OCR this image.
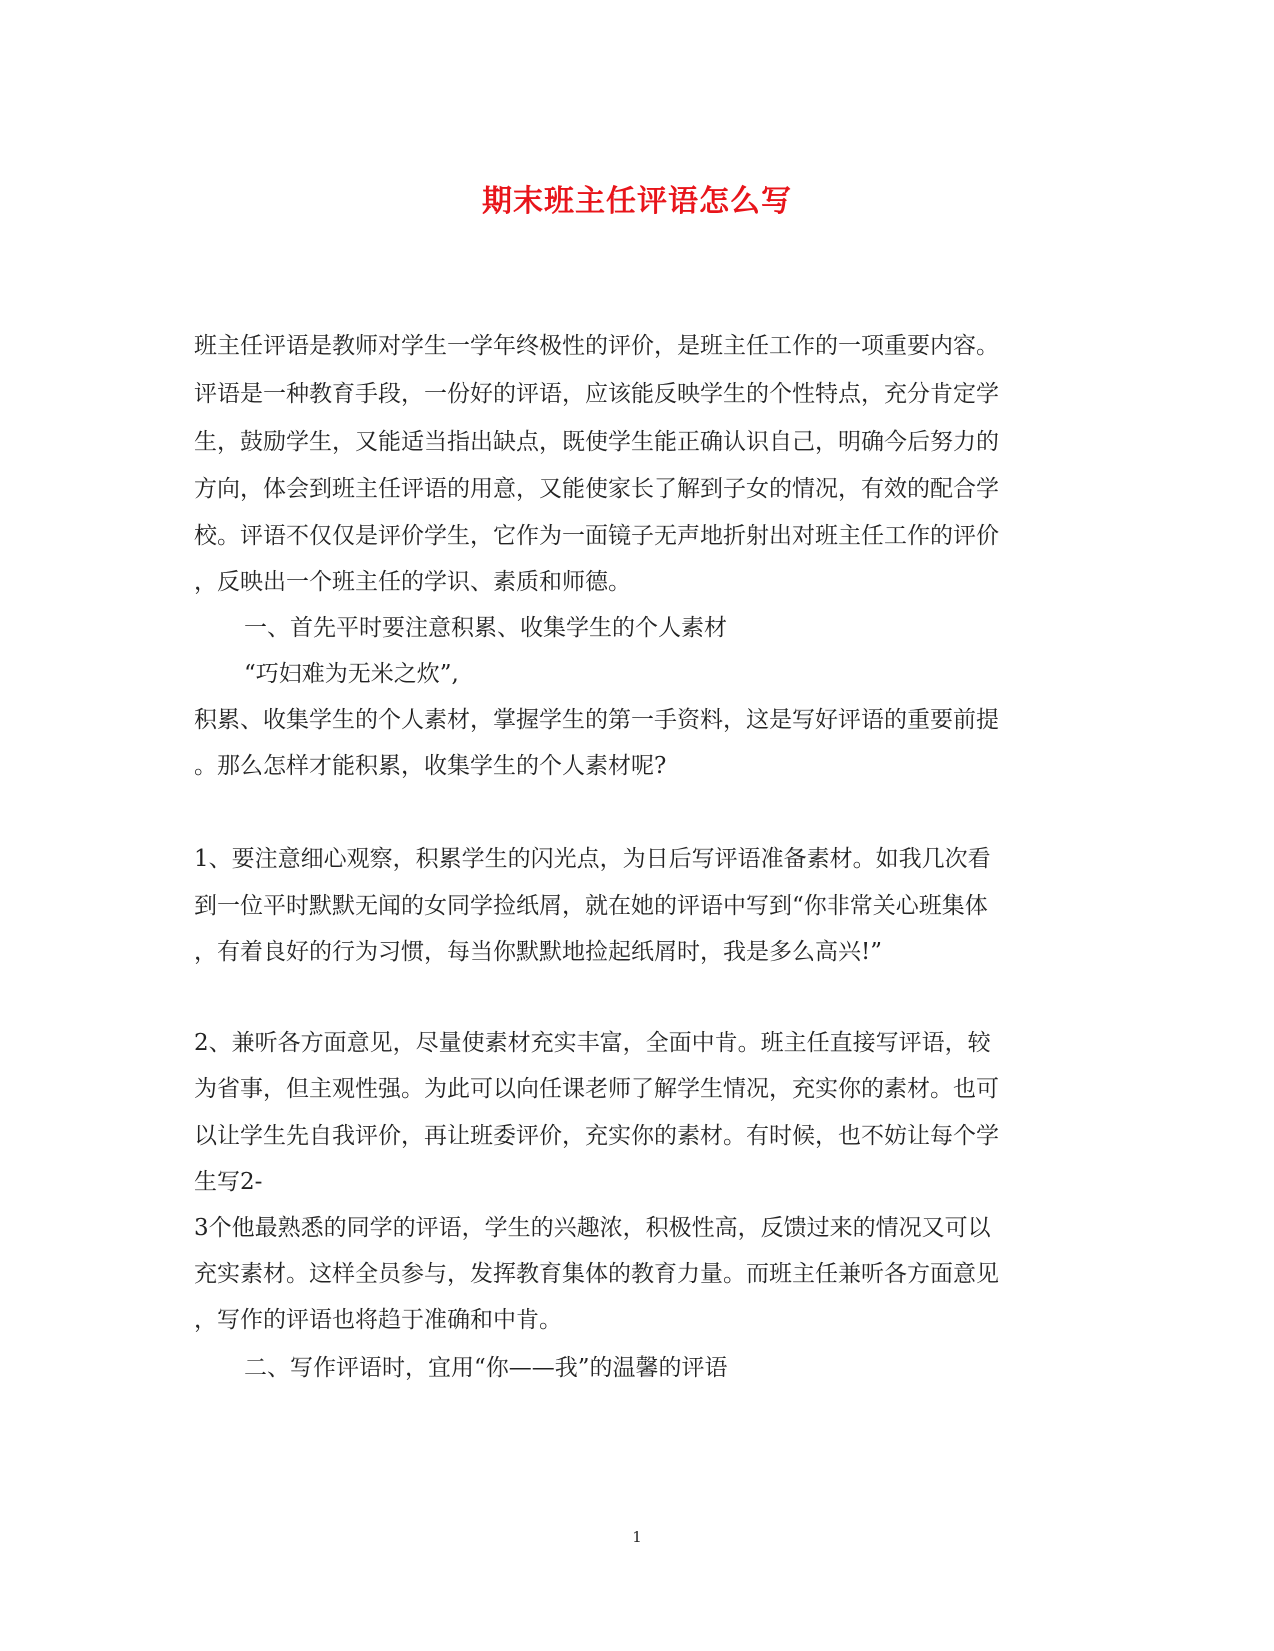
期末班主任评语怎么写
班主任评语是教师对学生一学年终极性的评价，是班主任工作的一项重要内容。
评语是一种教育手段，一份好的评语，应该能反映学生的个性特点，充分肯定学
生，鼓励学生，又能适当指出缺点，既使学生能正确认识自己，明确今后努力的
方向，体会到班主任评语的用意，又能使家长了解到子女的情况，有效的配合学
校。评语不仅仅是评价学生，它作为一面镜子无声地折射出对班主任工作的评价
，反映出一个班主任的学识、素质和师德。
一、首先平时要注意积累、收集学生的个人素材
“巧妇难为无米之炊”,
积累、收集学生的个人素材，掌握学生的第一手资料，这是写好评语的重要前提
。那么怎样才能积累，收集学生的个人素材呢?
1、要注意细心观察，积累学生的闪光点，为日后写评语准备素材。如我几次看
到一位平时默默无闻的女同学捡纸屑，就在她的评语中写到“你非常关心班集体
，有着良好的行为习惯，每当你默默地捡起纸屑时，我是多么高兴!”
2、兼听各方面意见，尽量使素材充实丰富，全面中肯。班主任直接写评语，较
为省事，但主观性强。为此可以向任课老师了解学生情况，充实你的素材。也可
以让学生先自我评价，再让班委评价，充实你的素材。有时候，也不妨让每个学
生写2-
3个他最熟悉的同学的评语，学生的兴趣浓，积极性高，反馈过来的情况又可以
充实素材。这样全员参与，发挥教育集体的教育力量。而班主任兼听各方面意见
，写作的评语也将趋于准确和中肯。
二、写作评语时，宜用“你——我”的温馨的评语
1
